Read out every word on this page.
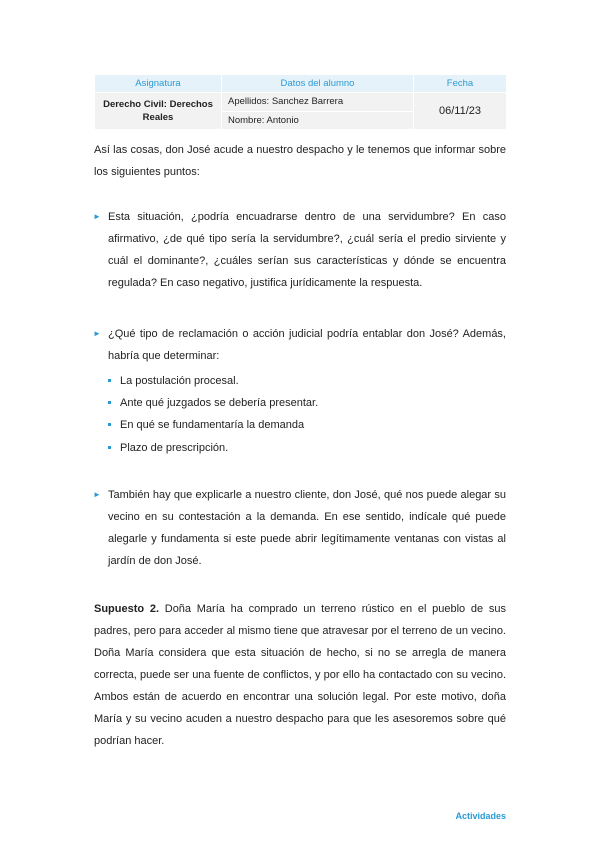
Asignatura	Datos del alumno	Fecha
Derecho Civil: Derechos Reales	Apellidos: Sanchez Barrera	06/11/23
	Nombre: Antonio	

Así las cosas, don José acude a nuestro despacho y le tenemos que informar sobre los siguientes puntos:

► Esta situación, ¿podría encuadrarse dentro de una servidumbre? En caso afirmativo, ¿de qué tipo sería la servidumbre?, ¿cuál sería el predio sirviente y cuál el dominante?, ¿cuáles serían sus características y dónde se encuentra regulada? En caso negativo, justifica jurídicamente la respuesta.
► ¿Qué tipo de reclamación o acción judicial podría entablar don José? Además, habría que determinar:
La postulación procesal.
Ante qué juzgados se debería presentar.
En qué se fundamentaría la demanda
Plazo de prescripción.
► También hay que explicarle a nuestro cliente, don José, qué nos puede alegar su vecino en su contestación a la demanda. En ese sentido, indícale qué puede alegarle y fundamenta si este puede abrir legítimamente ventanas con vistas al jardín de don José.

Supuesto 2. Doña María ha comprado un terreno rústico en el pueblo de sus padres, pero para acceder al mismo tiene que atravesar por el terreno de un vecino. Doña María considera que esta situación de hecho, si no se arregla de manera correcta, puede ser una fuente de conflictos, y por ello ha contactado con su vecino. Ambos están de acuerdo en encontrar una solución legal. Por este motivo, doña María y su vecino acuden a nuestro despacho para que les asesoremos sobre qué podrían hacer.

Actividades
